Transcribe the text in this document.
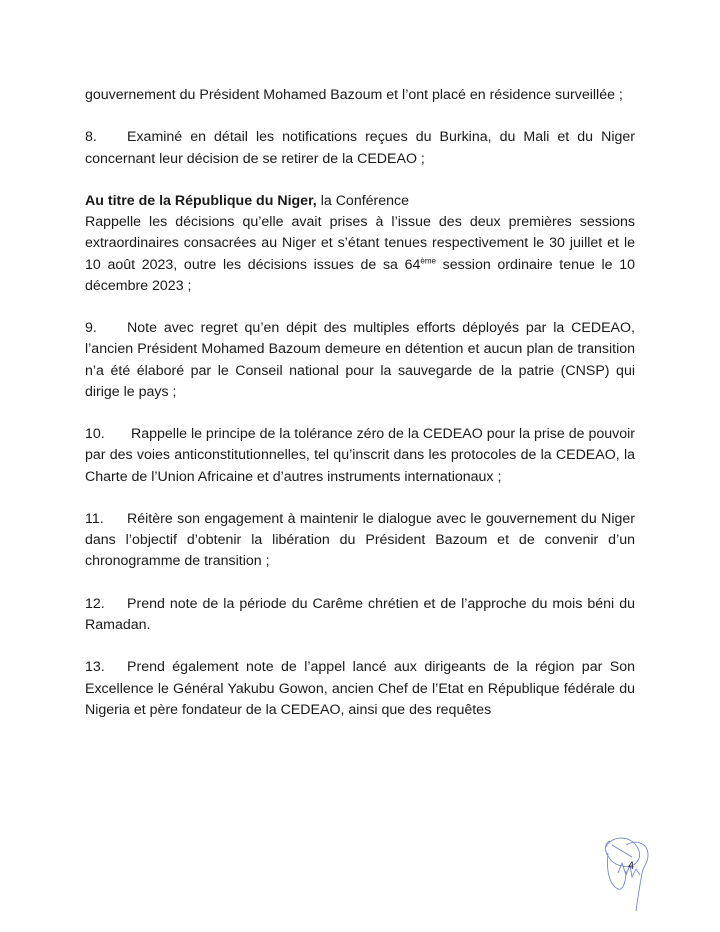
gouvernement du Président Mohamed Bazoum et l’ont placé en résidence surveillée ;

8. Examiné en détail les notifications reçues du Burkina, du Mali et du Niger concernant leur décision de se retirer de la CEDEAO ;

Au titre de la République du Niger, la Conférence

Rappelle les décisions qu’elle avait prises à l’issue des deux premières sessions extraordinaires consacrées au Niger et s’étant tenues respectivement le 30 juillet et le 10 août 2023, outre les décisions issues de sa 64ème session ordinaire tenue le 10 décembre 2023 ;

9. Note avec regret qu’en dépit des multiples efforts déployés par la CEDEAO, l’ancien Président Mohamed Bazoum demeure en détention et aucun plan de transition n’a été élaboré par le Conseil national pour la sauvegarde de la patrie (CNSP) qui dirige le pays ;

10. Rappelle le principe de la tolérance zéro de la CEDEAO pour la prise de pouvoir par des voies anticonstitutionnelles, tel qu’inscrit dans les protocoles de la CEDEAO, la Charte de l’Union Africaine et d’autres instruments internationaux ;

11. Réitère son engagement à maintenir le dialogue avec le gouvernement du Niger dans l’objectif d’obtenir la libération du Président Bazoum et de convenir d’un chronogramme de transition ;

12. Prend note de la période du Carême chrétien et de l’approche du mois béni du Ramadan.

13. Prend également note de l’appel lancé aux dirigeants de la région par Son Excellence le Général Yakubu Gowon, ancien Chef de l’Etat en République fédérale du Nigeria et père fondateur de la CEDEAO, ainsi que des requêtes

4
